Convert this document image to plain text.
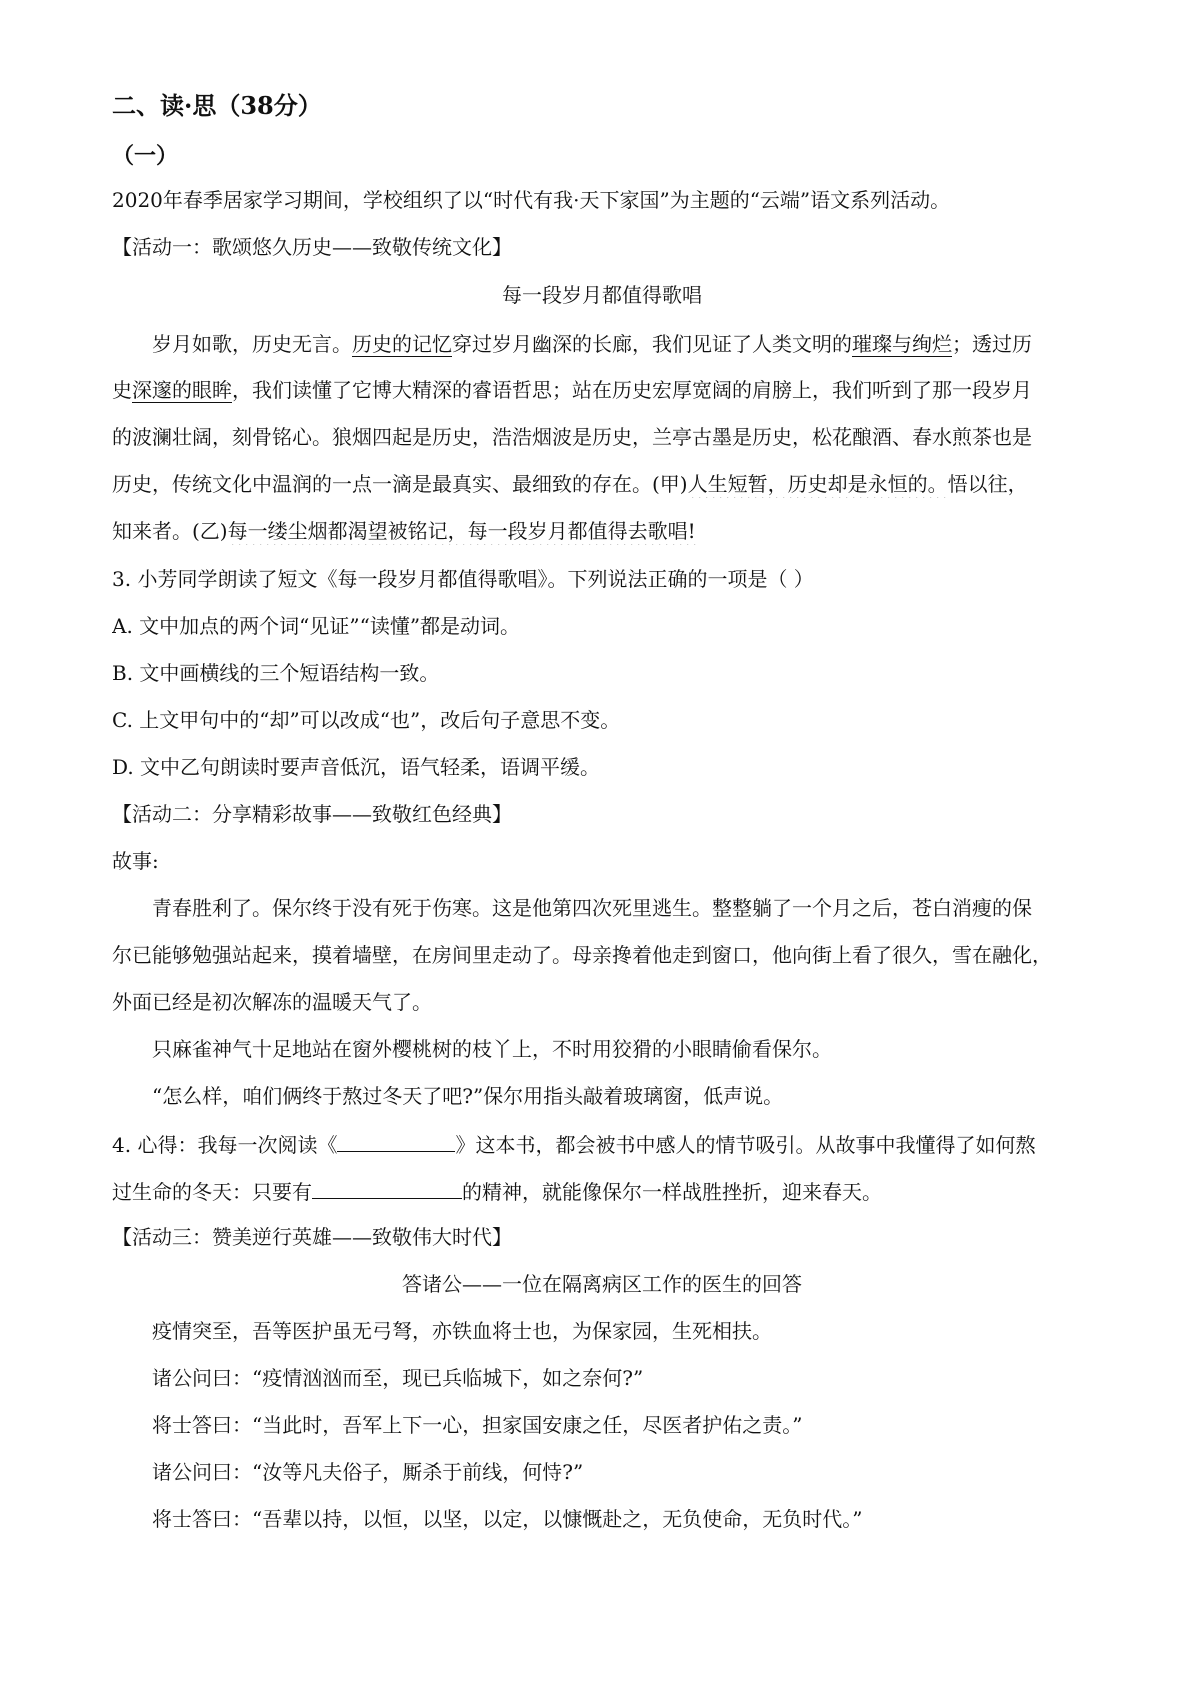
二、读·思（38分）
（一）
2020年春季居家学习期间，学校组织了以“时代有我·天下家国”为主题的“云端”语文系列活动。
【活动一：歌颂悠久历史——致敬传统文化】
每一段岁月都值得歌唱
岁月如歌，历史无言。历史的记忆穿过岁月幽深的长廊，我们见证了人类文明的璀璨与绚烂；透过历
史深邃的眼眸，我们读懂了它博大精深的睿语哲思；站在历史宏厚宽阔的肩膀上，我们听到了那一段岁月
的波澜壮阔，刻骨铭心。狼烟四起是历史，浩浩烟波是历史，兰亭古墨是历史，松花酿酒、春水煎茶也是
历史，传统文化中温润的一点一滴是最真实、最细致的存在。(甲)人生短暂，历史却是永恒的。悟以往，
知来者。(乙)每一缕尘烟都渴望被铭记，每一段岁月都值得去歌唱!
3. 小芳同学朗读了短文《每一段岁月都值得歌唱》。下列说法正确的一项是（ ）
A. 文中加点的两个词“见证”“读懂”都是动词。
B. 文中画横线的三个短语结构一致。
C. 上文甲句中的“却”可以改成“也”，改后句子意思不变。
D. 文中乙句朗读时要声音低沉，语气轻柔，语调平缓。
【活动二：分享精彩故事——致敬红色经典】
故事:
青春胜利了。保尔终于没有死于伤寒。这是他第四次死里逃生。整整躺了一个月之后，苍白消瘦的保
尔已能够勉强站起来，摸着墙壁，在房间里走动了。母亲搀着他走到窗口，他向街上看了很久，雪在融化，
外面已经是初次解冻的温暖天气了。
只麻雀神气十足地站在窗外樱桃树的枝丫上，不时用狡猾的小眼睛偷看保尔。
“怎么样，咱们俩终于熬过冬天了吧?”保尔用指头敲着玻璃窗，低声说。
4. 心得：我每一次阅读《	》这本书，都会被书中感人的情节吸引。从故事中我懂得了如何熬
过生命的冬天：只要有	的精神，就能像保尔一样战胜挫折，迎来春天。
【活动三：赞美逆行英雄——致敬伟大时代】
答诸公——一位在隔离病区工作的医生的回答
疫情突至，吾等医护虽无弓弩，亦铁血将士也，为保家园，生死相扶。
诸公问曰：“疫情汹汹而至，现已兵临城下，如之奈何?”
将士答曰：“当此时，吾军上下一心，担家国安康之任，尽医者护佑之责。”
诸公问曰：“汝等凡夫俗子，厮杀于前线，何恃?”
将士答曰：“吾辈以持，以恒，以坚，以定，以慷慨赴之，无负使命，无负时代。”
